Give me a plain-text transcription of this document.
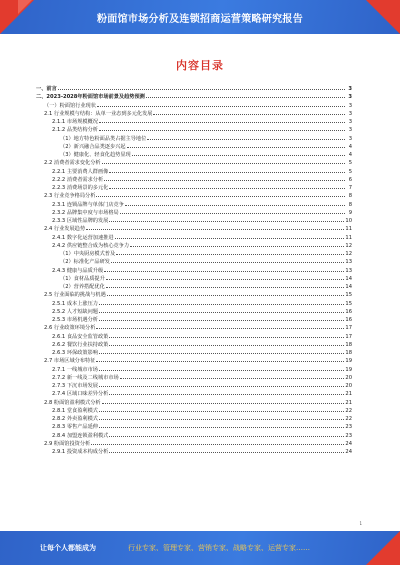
粉面馆市场分析及连锁招商运营策略研究报告
内容目录
一、前言	3
二、2023-2028年粉面馆市场前景及趋势预测	3
（一）粉面馆行业现状	3
2.1 行业规模与结构：从单一业态到多元化发展	3
2.1.1 市场规模概况	3
2.1.2 品类结构分析	3
（1）地方特色粉面品类占据主导地位	3
（2）新兴融合品类逐步兴起	4
（3）健康化、轻食化趋势显现	4
2.2 消费者需求变化分析	5
2.2.1 主要消费人群画像	5
2.2.2 消费者需求分析	6
2.2.3 消费场景的多元化	7
2.3 行业竞争格局分析	8
2.3.1 连锁品牌与单体门店竞争	8
2.3.2 品牌集中度与市场格局	9
2.3.3 区域性品牌的发展	10
2.4 行业发展趋势	11
2.4.1 数字化运营加速推进	11
2.4.2 供应链整合成为核心竞争力	12
（1）中央厨房模式普及	12
（2）标准化产品研发	13
2.4.3 健康与品质升级	13
（1）食材品质提升	14
（2）营养搭配优化	14
2.5 行业面临的挑战与机遇	15
2.5.1 成本上涨压力	15
2.5.2 人才短缺问题	16
2.5.3 市场机遇分析	16
2.6 行业政策环境分析	17
2.6.1 食品安全监管政策	17
2.6.2 餐饮行业扶持政策	18
2.6.3 环保政策影响	18
2.7 市场区域分布特征	19
2.7.1 一线城市市场	19
2.7.2 新一线及二线城市市场	20
2.7.3 下沉市场发展	20
2.7.4 区域口味差异分析	21
2.8 粉面馆盈利模式分析	21
2.8.1 堂食盈利模式	22
2.8.2 外卖盈利模式	22
2.8.3 零售产品延伸	23
2.8.4 加盟连锁盈利模式	23
2.9 粉面馆投资分析	24
2.9.1 投资成本构成分析	24
1
让每个人都能成为	行业专家、管理专家、营销专家、战略专家、运营专家……
